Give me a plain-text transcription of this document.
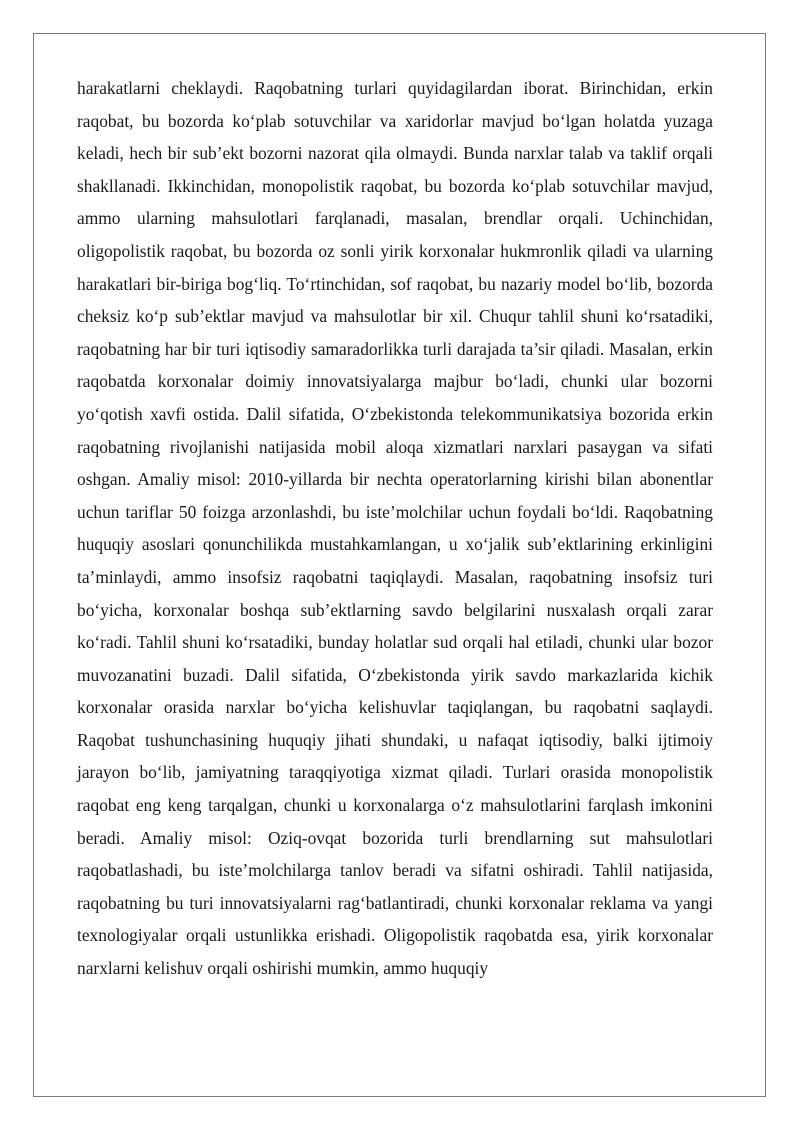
harakatlarni cheklaydi. Raqobatning turlari quyidagilardan iborat. Birinchidan, erkin raqobat, bu bozorda ko‘plab sotuvchilar va xaridorlar mavjud bo‘lgan holatda yuzaga keladi, hech bir sub’ekt bozorni nazorat qila olmaydi. Bunda narxlar talab va taklif orqali shakllanadi. Ikkinchidan, monopolistik raqobat, bu bozorda ko‘plab sotuvchilar mavjud, ammo ularning mahsulotlari farqlanadi, masalan, brendlar orqali. Uchinchidan, oligopolistik raqobat, bu bozorda oz sonli yirik korxonalar hukmronlik qiladi va ularning harakatlari bir-biriga bog‘liq. To‘rtinchidan, sof raqobat, bu nazariy model bo‘lib, bozorda cheksiz ko‘p sub’ektlar mavjud va mahsulotlar bir xil. Chuqur tahlil shuni ko‘rsatadiki, raqobatning har bir turi iqtisodiy samaradorlikka turli darajada ta’sir qiladi. Masalan, erkin raqobatda korxonalar doimiy innovatsiyalarga majbur bo‘ladi, chunki ular bozorni yo‘qotish xavfi ostida. Dalil sifatida, O‘zbekistonda telekommunikatsiya bozorida erkin raqobatning rivojlanishi natijasida mobil aloqa xizmatlari narxlari pasaygan va sifati oshgan. Amaliy misol: 2010-yillarda bir nechta operatorlarning kirishi bilan abonentlar uchun tariflar 50 foizga arzonlashdi, bu iste’molchilar uchun foydali bo‘ldi. Raqobatning huquqiy asoslari qonunchilikda mustahkamlangan, u xo‘jalik sub’ektlarining erkinligini ta’minlaydi, ammo insofsiz raqobatni taqiqlaydi. Masalan, raqobatning insofsiz turi bo‘yicha, korxonalar boshqa sub’ektlarning savdo belgilarini nusxalash orqali zarar ko‘radi. Tahlil shuni ko‘rsatadiki, bunday holatlar sud orqali hal etiladi, chunki ular bozor muvozanatini buzadi. Dalil sifatida, O‘zbekistonda yirik savdo markazlarida kichik korxonalar orasida narxlar bo‘yicha kelishuvlar taqiqlangan, bu raqobatni saqlaydi. Raqobat tushunchasining huquqiy jihati shundaki, u nafaqat iqtisodiy, balki ijtimoiy jarayon bo‘lib, jamiyatning taraqqiyotiga xizmat qiladi. Turlari orasida monopolistik raqobat eng keng tarqalgan, chunki u korxonalarga o‘z mahsulotlarini farqlash imkonini beradi. Amaliy misol: Oziq-ovqat bozorida turli brendlarning sut mahsulotlari raqobatlashadi, bu iste’molchilarga tanlov beradi va sifatni oshiradi. Tahlil natijasida, raqobatning bu turi innovatsiyalarni rag‘batlantiradi, chunki korxonalar reklama va yangi texnologiyalar orqali ustunlikka erishadi. Oligopolistik raqobatda esa, yirik korxonalar narxlarni kelishuv orqali oshirishi mumkin, ammo huquqiy
